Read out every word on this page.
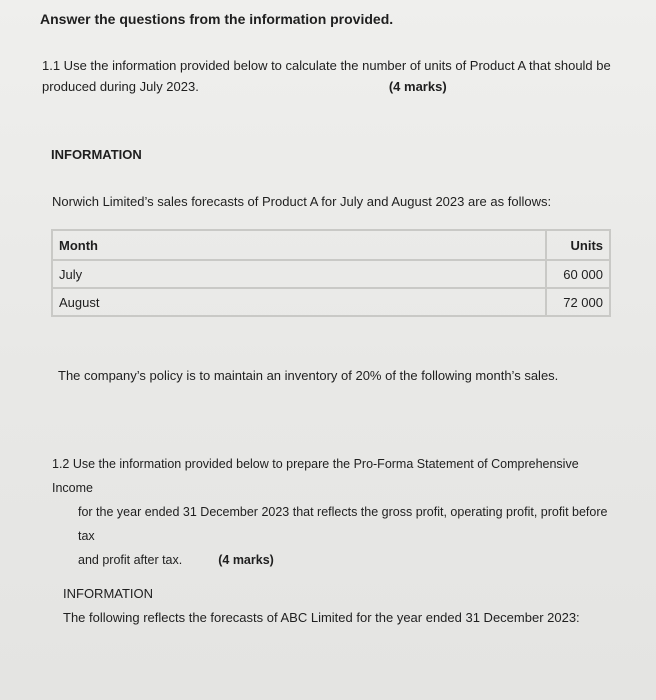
Answer the questions from the information provided.
1.1 Use the information provided below to calculate the number of units of Product A that should be
produced during July 2023.	(4 marks)
INFORMATION
Norwich Limited’s sales forecasts of Product A for July and August 2023 are as follows:
Month	Units
July	60 000
August	72 000
The company’s policy is to maintain an inventory of 20% of the following month’s sales.
1.2 Use the information provided below to prepare the Pro-Forma Statement of Comprehensive Income
for the year ended 31 December 2023 that reflects the gross profit, operating profit, profit before tax
and profit after tax.	(4 marks)
INFORMATION
The following reflects the forecasts of ABC Limited for the year ended 31 December 2023:
